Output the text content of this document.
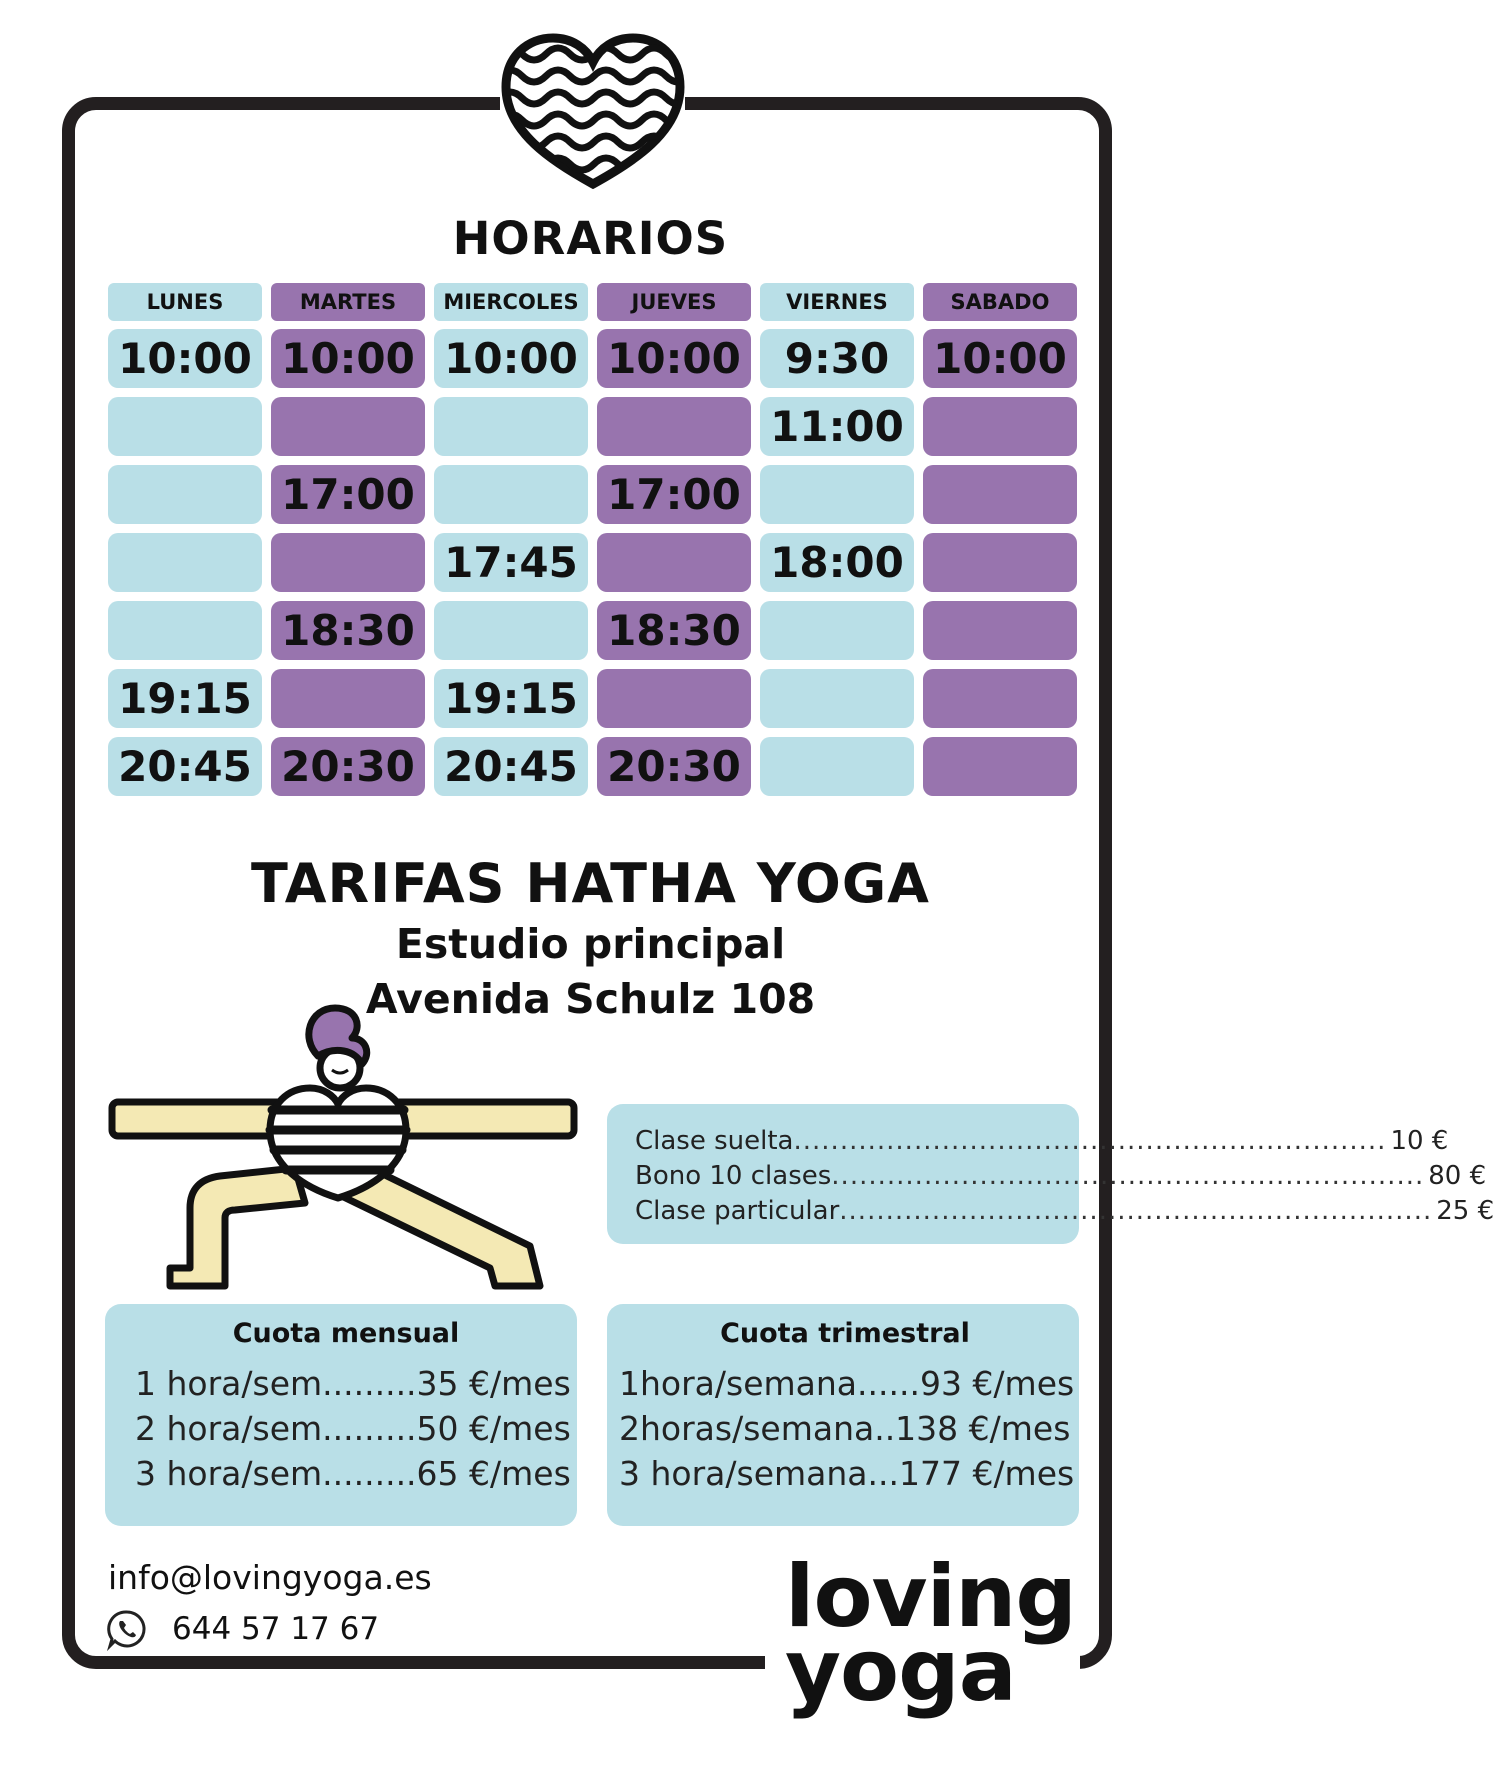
HORARIOS
LUNES
10:00
19:15
20:45
MARTES
10:00
17:00
18:30
20:30
MIERCOLES
10:00
17:45
19:15
20:45
JUEVES
10:00
17:00
18:30
20:30
VIERNES
9:30
11:00
18:00
SABADO
10:00
TARIFAS HATHA YOGA
Estudio principal
Avenida Schulz 108
Clase suelta ................................................................ 10 €
Bono 10 clases ................................................................ 80 €
Clase particular ................................................................ 25 €
Cuota mensual
1 hora/sem.........35 €/mes
2 hora/sem.........50 €/mes
3 hora/sem.........65 €/mes
Cuota trimestral
1hora/semana......93 €/mes
2horas/semana..138 €/mes
3 hora/semana...177 €/mes
info@lovingyoga.es
644 57 17 67	loving
yoga
